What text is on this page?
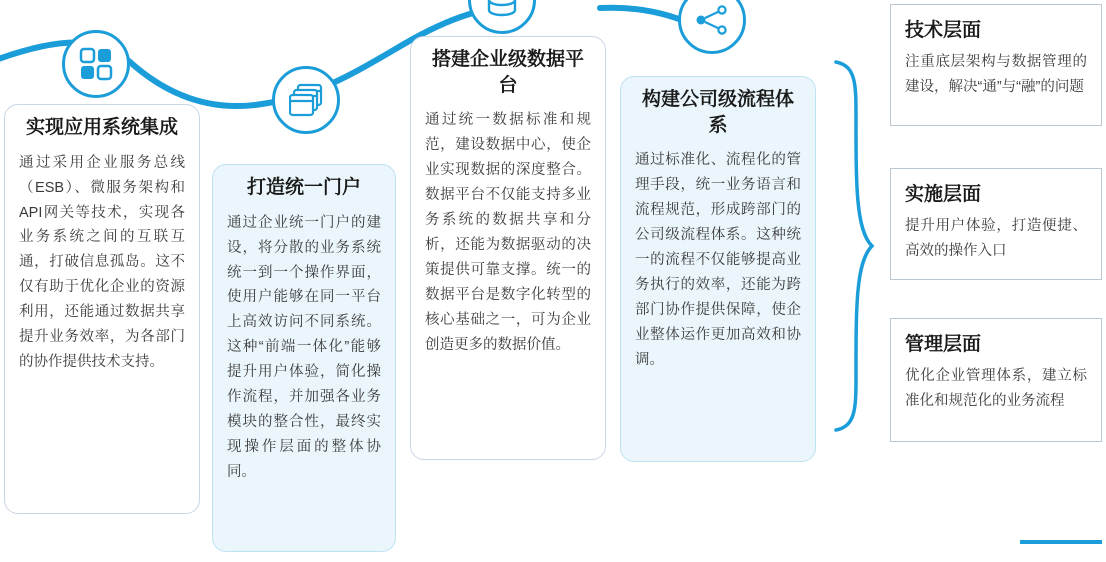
实现应用系统集成

通过采用企业服务总线（ESB）、微服务架构和API网关等技术，实现各业务系统之间的互联互通，打破信息孤岛。这不仅有助于优化企业的资源利用，还能通过数据共享提升业务效率，为各部门的协作提供技术支持。

打造统一门户

通过企业统一门户的建设，将分散的业务系统统一到一个操作界面，使用户能够在同一平台上高效访问不同系统。这种“前端一体化”能够提升用户体验，简化操作流程，并加强各业务模块的整合性，最终实现操作层面的整体协同。

搭建企业级数据平台

通过统一数据标准和规范，建设数据中心，使企业实现数据的深度整合。数据平台不仅能支持多业务系统的数据共享和分析，还能为数据驱动的决策提供可靠支撑。统一的数据平台是数字化转型的核心基础之一，可为企业创造更多的数据价值。

构建公司级流程体系

通过标准化、流程化的管理手段，统一业务语言和流程规范，形成跨部门的公司级流程体系。这种统一的流程不仅能够提高业务执行的效率，还能为跨部门协作提供保障，使企业整体运作更加高效和协调。

技术层面

注重底层架构与数据管理的建设，解决“通”与“融”的问题

实施层面

提升用户体验，打造便捷、高效的操作入口

管理层面

优化企业管理体系，建立标准化和规范化的业务流程
